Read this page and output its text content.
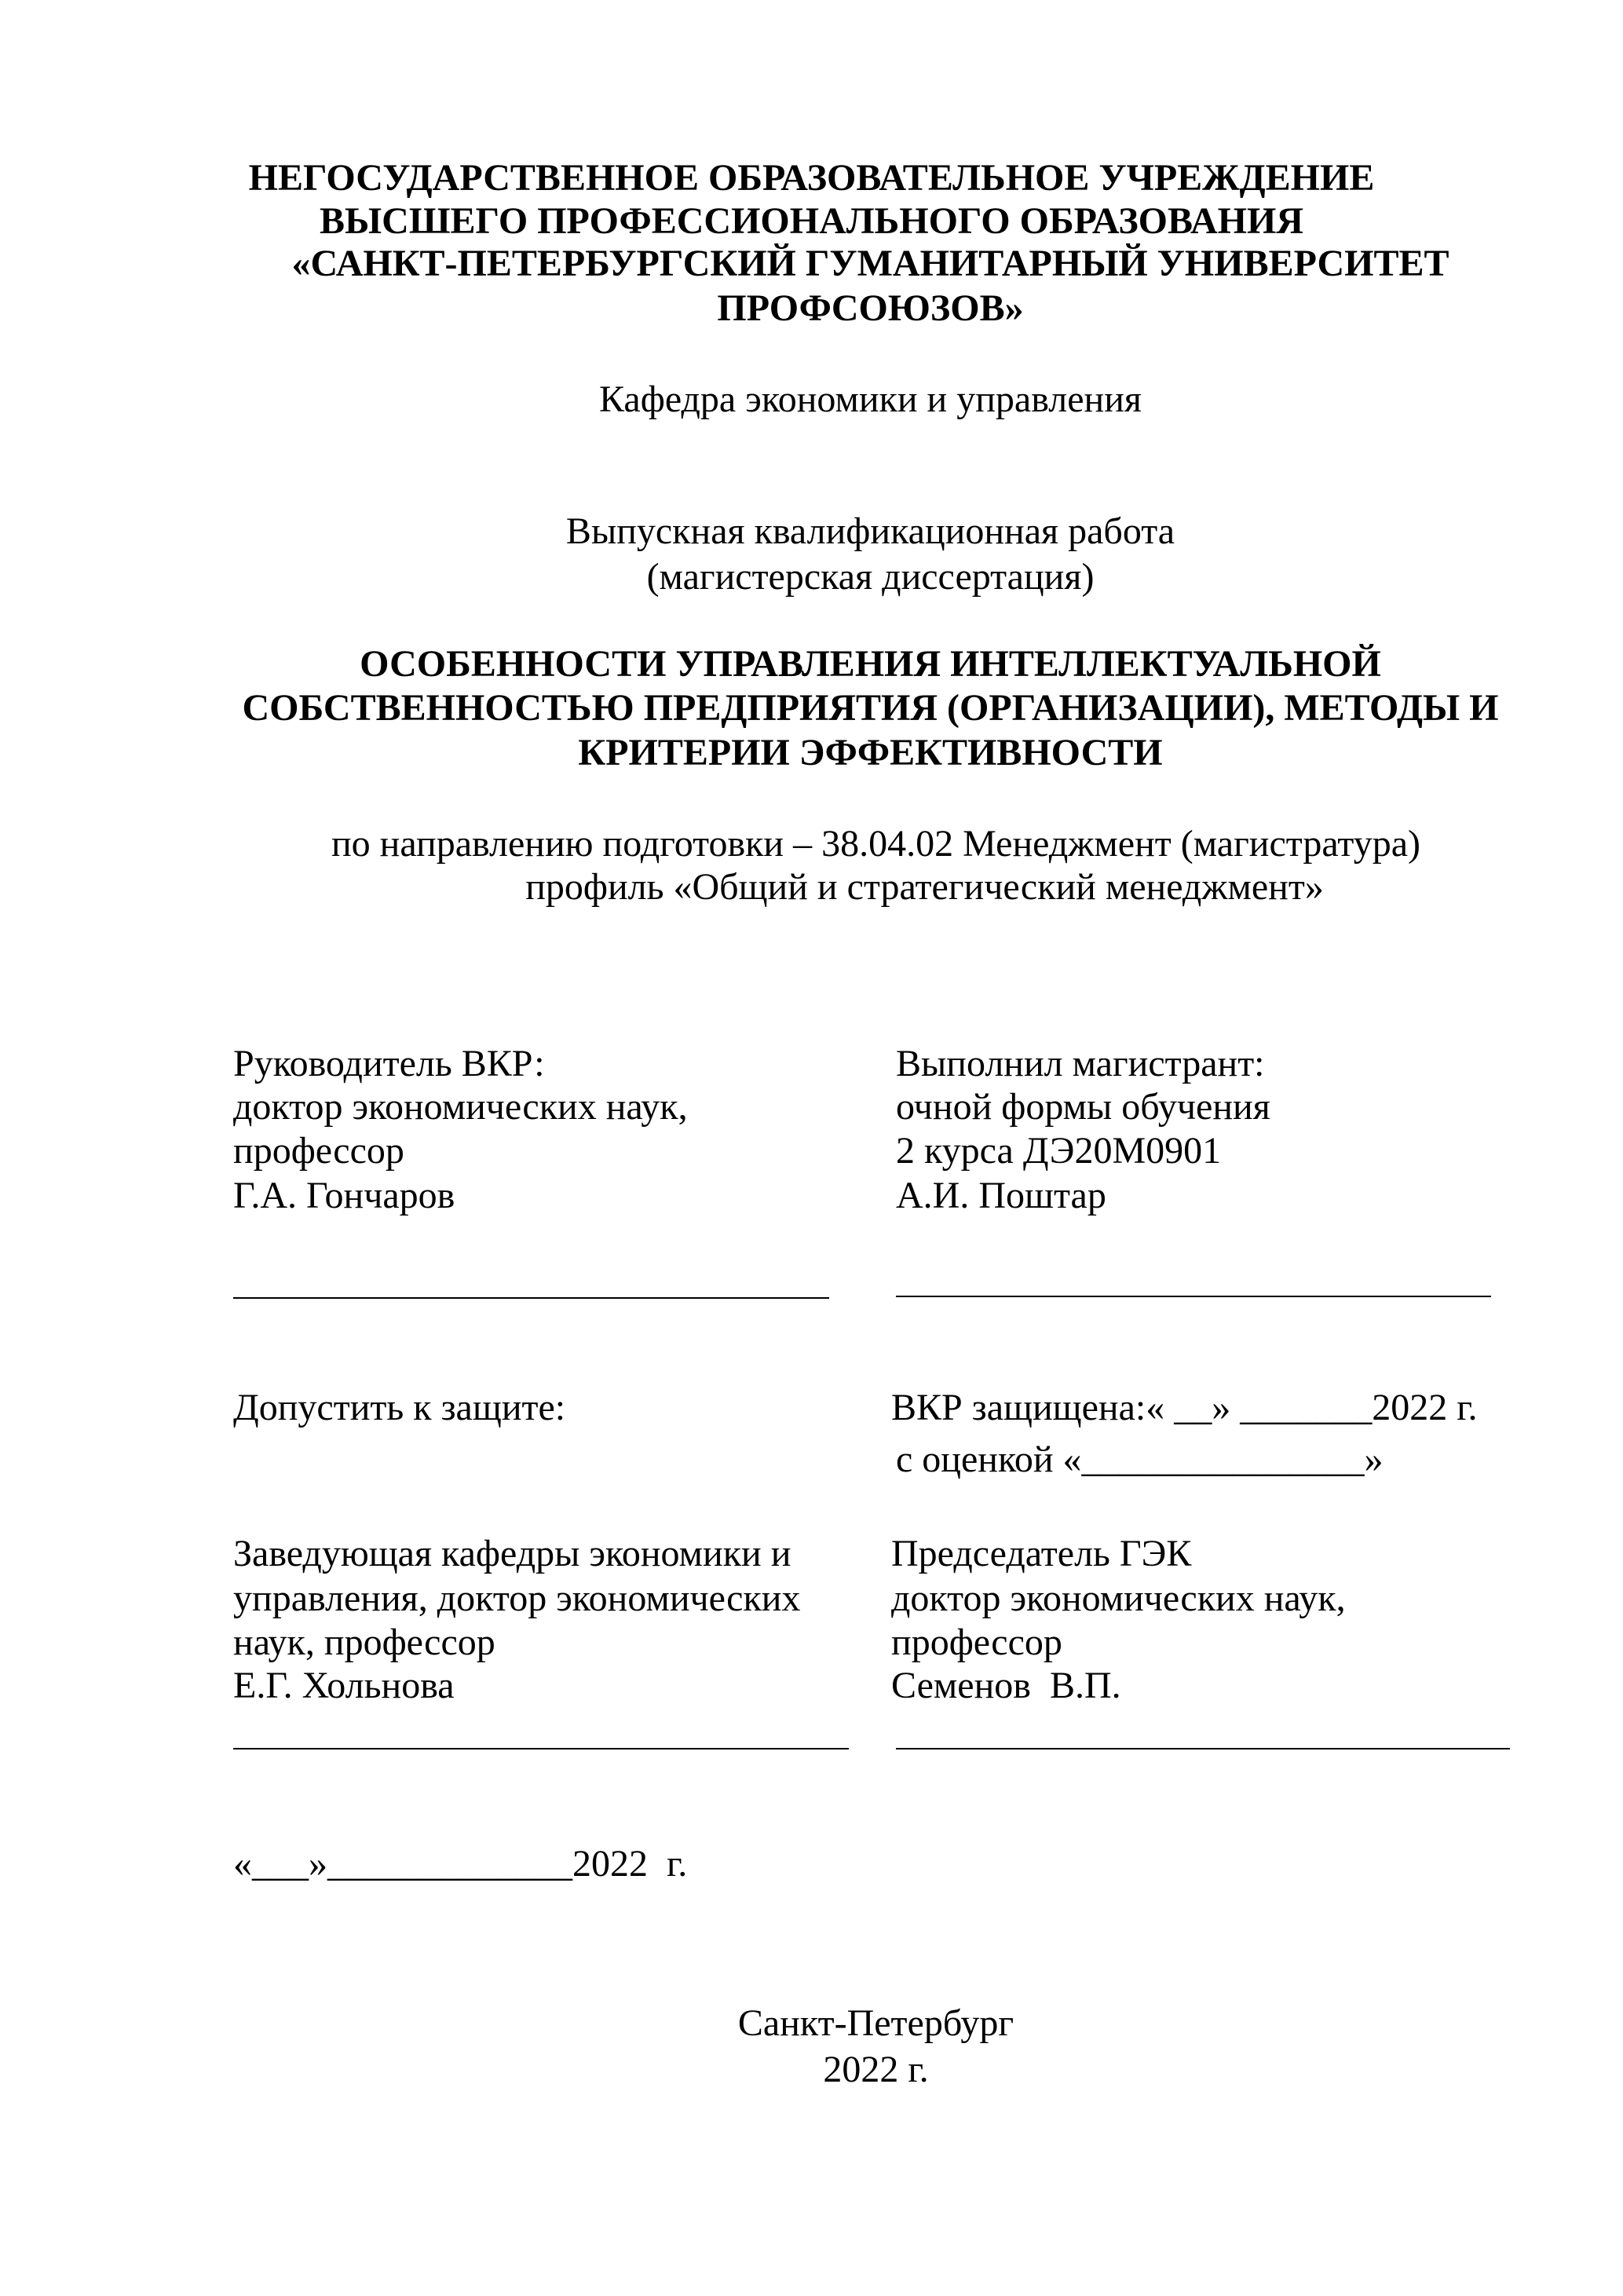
НЕГОСУДАРСТВЕННОЕ ОБРАЗОВАТЕЛЬНОЕ УЧРЕЖДЕНИЕ
ВЫСШЕГО ПРОФЕССИОНАЛЬНОГО ОБРАЗОВАНИЯ
«САНКТ-ПЕТЕРБУРГСКИЙ ГУМАНИТАРНЫЙ УНИВЕРСИТЕТ
ПРОФСОЮЗОВ»
Кафедра экономики и управления
Выпускная квалификационная работа
(магистерская диссертация)
ОСОБЕННОСТИ УПРАВЛЕНИЯ ИНТЕЛЛЕКТУАЛЬНОЙ
СОБСТВЕННОСТЬЮ ПРЕДПРИЯТИЯ (ОРГАНИЗАЦИИ), МЕТОДЫ И
КРИТЕРИИ ЭФФЕКТИВНОСТИ
по направлению подготовки – 38.04.02 Менеджмент (магистратура)
профиль «Общий и стратегический менеджмент»
Руководитель ВКР:
доктор экономических наук,
профессор
Г.А. Гончаров
Выполнил магистрант:
очной формы обучения
2 курса ДЭ20М0901
А.И. Поштар
Допустить к защите:	ВКР защищена:« __» _______2022 г.
с оценкой «_______________»
Заведующая кафедры экономики и
управления, доктор экономических
наук, профессор
Е.Г. Хольнова
Председатель ГЭК
доктор экономических наук,
профессор
Семенов  В.П.
«___»_____________2022  г.
Санкт-Петербург
2022 г.
